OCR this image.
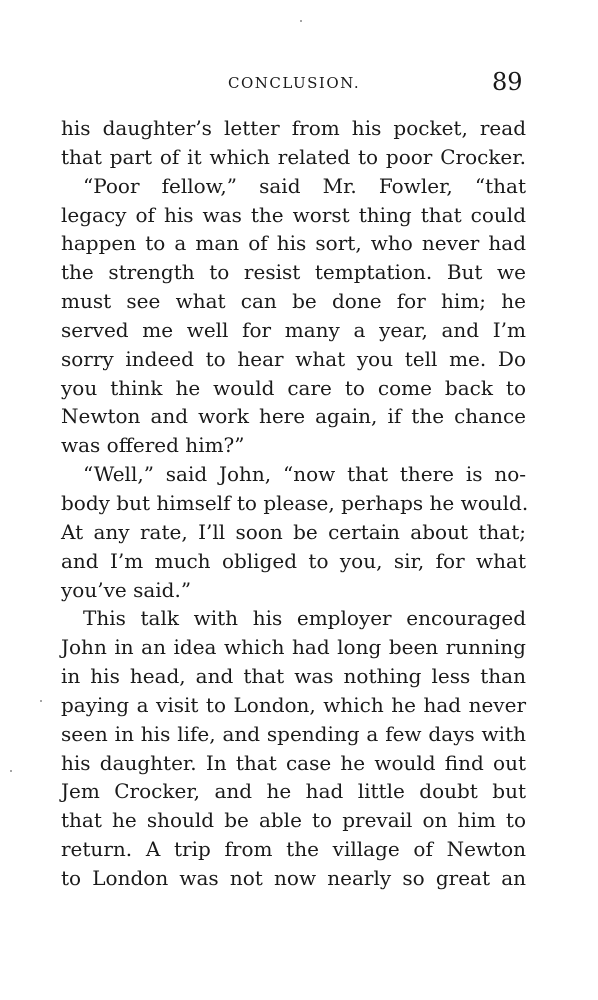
CONCLUSION.	89
his daughter’s letter from his pocket, read
that part of it which related to poor Crocker.
“Poor fellow,” said Mr. Fowler, “that
legacy of his was the worst thing that could
happen to a man of his sort, who never had
the strength to resist temptation. But we
must see what can be done for him; he
served me well for many a year, and I’m
sorry indeed to hear what you tell me. Do
you think he would care to come back to
Newton and work here again, if the chance
was offered him?”
“Well,” said John, “now that there is no-
body but himself to please, perhaps he would.
At any rate, I’ll soon be certain about that;
and I’m much obliged to you, sir, for what
you’ve said.”
This talk with his employer encouraged
John in an idea which had long been running
in his head, and that was nothing less than
paying a visit to London, which he had never
seen in his life, and spending a few days with
his daughter. In that case he would find out
Jem Crocker, and he had little doubt but
that he should be able to prevail on him to
return. A trip from the village of Newton
to London was not now nearly so great an
